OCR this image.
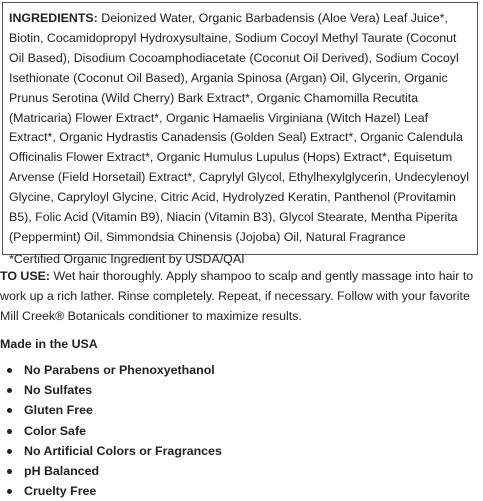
INGREDIENTS: Deionized Water, Organic Barbadensis (Aloe Vera) Leaf Juice*, Biotin, Cocamidopropyl Hydroxysultaine, Sodium Cocoyl Methyl Taurate (Coconut Oil Based), Disodium Cocoamphodiacetate (Coconut Oil Derived), Sodium Cocoyl Isethionate (Coconut Oil Based), Argania Spinosa (Argan) Oil, Glycerin, Organic Prunus Serotina (Wild Cherry) Bark Extract*, Organic Chamomilla Recutita (Matricaria) Flower Extract*, Organic Hamaelis Virginiana (Witch Hazel) Leaf Extract*, Organic Hydrastis Canadensis (Golden Seal) Extract*, Organic Calendula Officinalis Flower Extract*, Organic Humulus Lupulus (Hops) Extract*, Equisetum Arvense (Field Horsetail) Extract*, Caprylyl Glycol, Ethylhexylglycerin, Undecylenoyl Glycine, Capryloyl Glycine, Citric Acid, Hydrolyzed Keratin, Panthenol (Provitamin B5), Folic Acid (Vitamin B9), Niacin (Vitamin B3), Glycol Stearate, Mentha Piperita (Peppermint) Oil, Simmondsia Chinensis (Jojoba) Oil, Natural Fragrance

*Certified Organic Ingredient by USDA/QAI

TO USE: Wet hair thoroughly. Apply shampoo to scalp and gently massage into hair to work up a rich lather. Rinse completely. Repeat, if necessary. Follow with your favorite Mill Creek® Botanicals conditioner to maximize results.

Made in the USA

No Parabens or Phenoxyethanol
No Sulfates
Gluten Free
Color Safe
No Artificial Colors or Fragrances
pH Balanced
Cruelty Free
